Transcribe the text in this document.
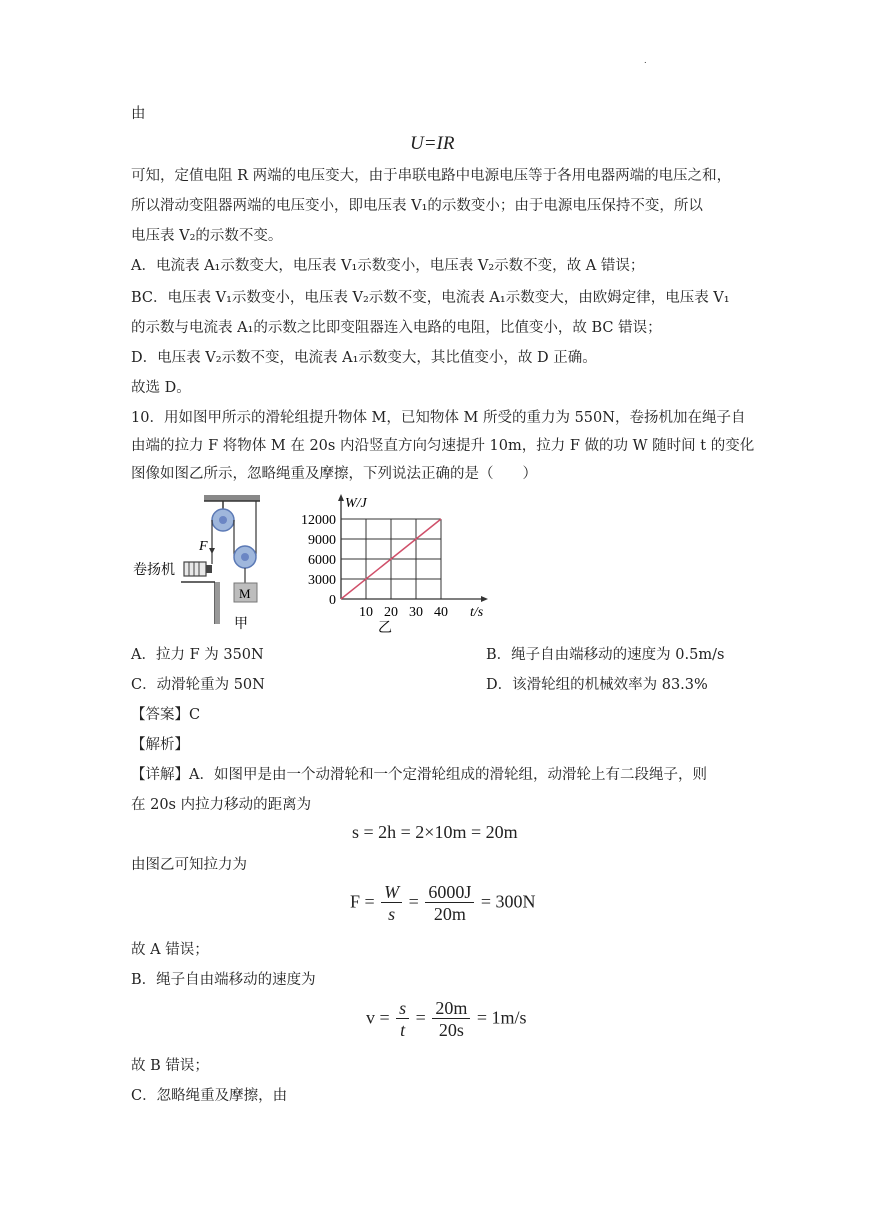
.
由
U=IR
可知，定值电阻 R 两端的电压变大，由于串联电路中电源电压等于各用电器两端的电压之和，
所以滑动变阻器两端的电压变小，即电压表 V₁的示数变小；由于电源电压保持不变，所以
电压表 V₂的示数不变。
A．电流表 A₁示数变大，电压表 V₁示数变小，电压表 V₂示数不变，故 A 错误；
BC．电压表 V₁示数变小，电压表 V₂示数不变，电流表 A₁示数变大，由欧姆定律，电压表 V₁
的示数与电流表 A₁的示数之比即变阻器连入电路的电阻，比值变小，故 BC 错误；
D．电压表 V₂示数不变，电流表 A₁示数变大，其比值变小，故 D 正确。
故选 D。
10．用如图甲所示的滑轮组提升物体 M，已知物体 M 所受的重力为 550N，卷扬机加在绳子自
由端的拉力 F 将物体 M 在 20s 内沿竖直方向匀速提升 10m，拉力 F 做的功 W 随时间 t 的变化
图像如图乙所示，忽略绳重及摩擦，下列说法正确的是（　　）
F
M
卷扬机
甲
10 20 30 40
0
3000
6000
9000
12000
t/s
W/J
乙
A．拉力 F 为 350N	B．绳子自由端移动的速度为 0.5m/s
C．动滑轮重为 50N	D．该滑轮组的机械效率为 83.3%
【答案】C
【解析】
【详解】A．如图甲是由一个动滑轮和一个定滑轮组成的滑轮组，动滑轮上有二段绳子，则
在 20s 内拉力移动的距离为
s = 2h = 2×10m = 20m
由图乙可知拉力为
$F = \frac{W}{s} = \frac{6000J}{20m} = 300N$
故 A 错误；
B．绳子自由端移动的速度为
$v = \frac{s}{t} = \frac{20m}{20s} = 1m/s$
故 B 错误；
C．忽略绳重及摩擦，由
